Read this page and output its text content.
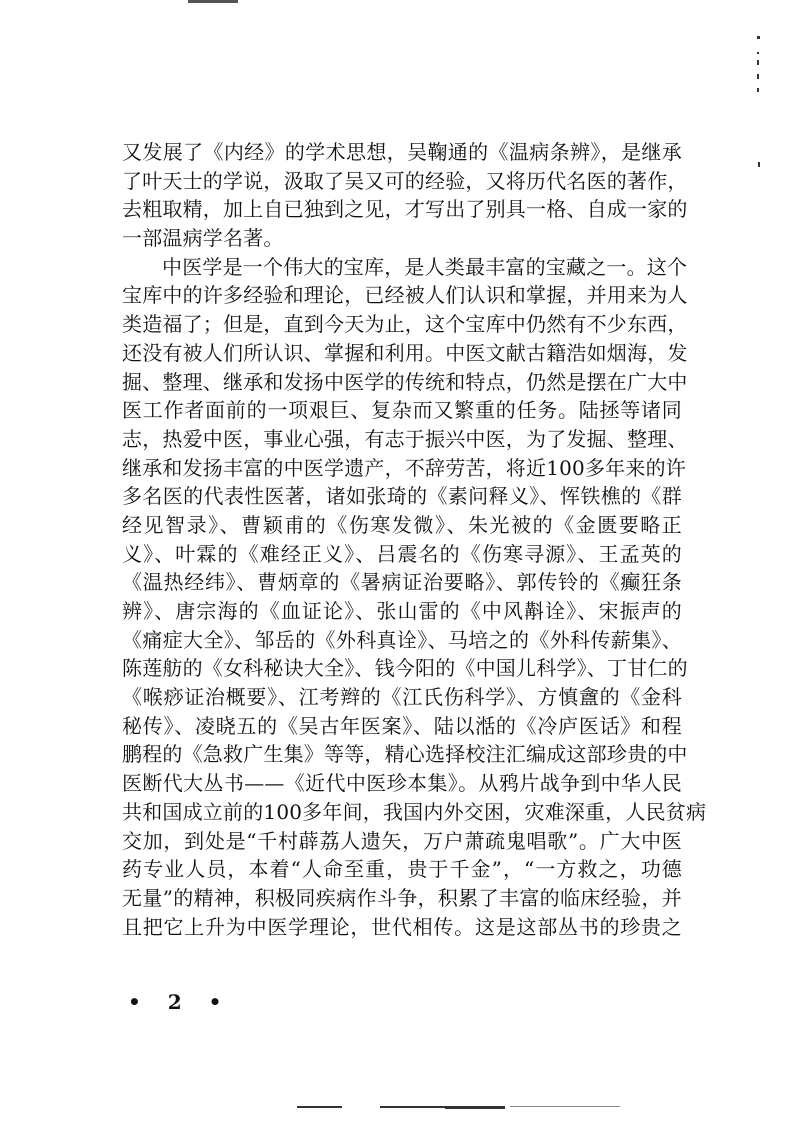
又发展了《内经》的学术思想，吴鞠通的《温病条辨》，是继承
了叶天士的学说，汲取了吴又可的经验，又将历代名医的著作，
去粗取精，加上自已独到之见，才写出了别具一格、自成一家的
一部温病学名著。
中医学是一个伟大的宝库，是人类最丰富的宝藏之一。这个
宝库中的许多经验和理论，已经被人们认识和掌握，并用来为人
类造福了；但是，直到今天为止，这个宝库中仍然有不少东西，
还没有被人们所认识、掌握和利用。中医文献古籍浩如烟海，发
掘、整理、继承和发扬中医学的传统和特点，仍然是摆在广大中
医工作者面前的一项艰巨、复杂而又繁重的任务。陆拯等诸同
志，热爱中医，事业心强，有志于振兴中医，为了发掘、整理、
继承和发扬丰富的中医学遗产，不辞劳苦，将近100多年来的许
多名医的代表性医著，诸如张琦的《素问释义》、恽铁樵的《群
经见智录》、曹颖甫的《伤寒发微》、朱光被的《金匮要略正
义》、叶霖的《难经正义》、吕震名的《伤寒寻源》、王孟英的
《温热经纬》、曹炳章的《暑病证治要略》、郭传铃的《癫狂条
辨》、唐宗海的《血证论》、张山雷的《中风斠诠》、宋振声的
《痛症大全》、邹岳的《外科真诠》、马培之的《外科传薪集》、
陈莲舫的《女科秘诀大全》、钱今阳的《中国儿科学》、丁甘仁的
《喉痧证治概要》、江考辫的《江氏伤科学》、方慎盦的《金科
秘传》、凌晓五的《吴古年医案》、陆以湉的《冷庐医话》和程
鹏程的《急救广生集》等等，精心选择校注汇编成这部珍贵的中
医断代大丛书——《近代中医珍本集》。从鸦片战争到中华人民
共和国成立前的100多年间，我国内外交困，灾难深重，人民贫病
交加，到处是“千村薜荔人遗矢，万户萧疏鬼唱歌”。广大中医
药专业人员，本着“人命至重，贵于千金”，“一方救之，功德
无量”的精神，积极同疾病作斗争，积累了丰富的临床经验，并
且把它上升为中医学理论，世代相传。这是这部丛书的珍贵之
• 2 •
